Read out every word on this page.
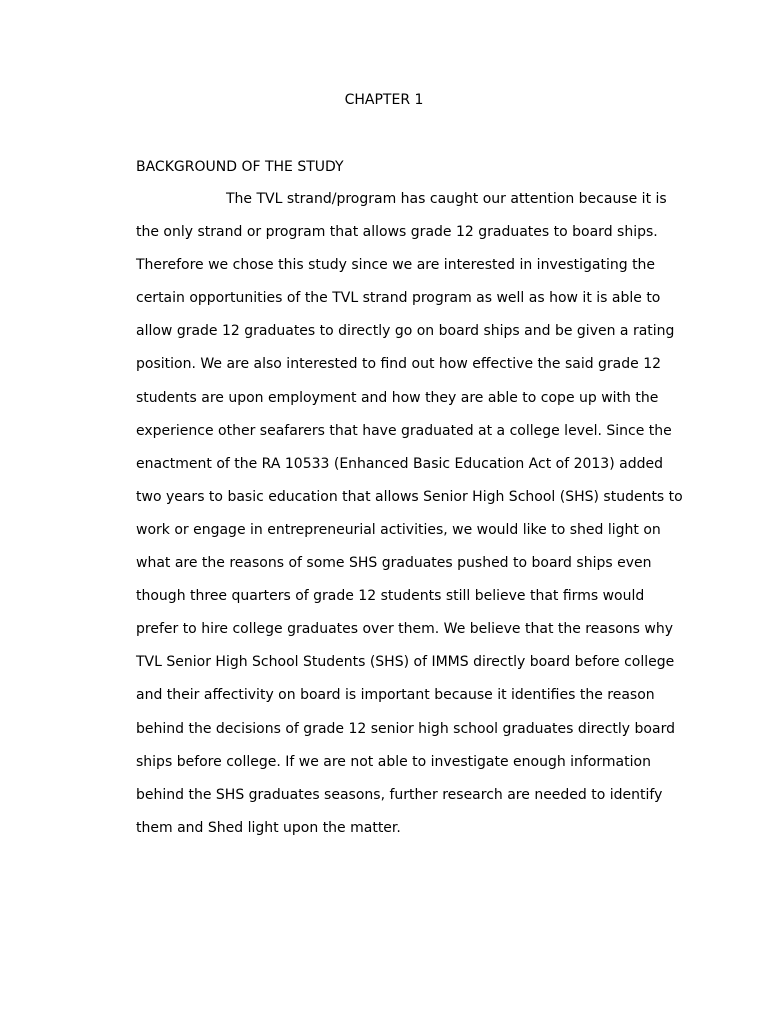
CHAPTER 1
BACKGROUND OF THE STUDY
The TVL strand/program has caught our attention because it is
the only strand or program that allows grade 12 graduates to board ships.
Therefore we chose this study since we are interested in investigating the
certain opportunities of the TVL strand program as well as how it is able to
allow grade 12 graduates to directly go on board ships and be given a rating
position. We are also interested to find out how effective the said grade 12
students are upon employment and how they are able to cope up with the
experience other seafarers that have graduated at a college level. Since the
enactment of the RA 10533 (Enhanced Basic Education Act of 2013) added
two years to basic education that allows Senior High School (SHS) students to
work or engage in entrepreneurial activities, we would like to shed light on
what are the reasons of some SHS graduates pushed to board ships even
though three quarters of grade 12 students still believe that firms would
prefer to hire college graduates over them. We believe that the reasons why
TVL Senior High School Students (SHS) of IMMS directly board before college
and their affectivity on board is important because it identifies the reason
behind the decisions of grade 12 senior high school graduates directly board
ships before college. If we are not able to investigate enough information
behind the SHS graduates seasons, further research are needed to identify
them and Shed light upon the matter.
